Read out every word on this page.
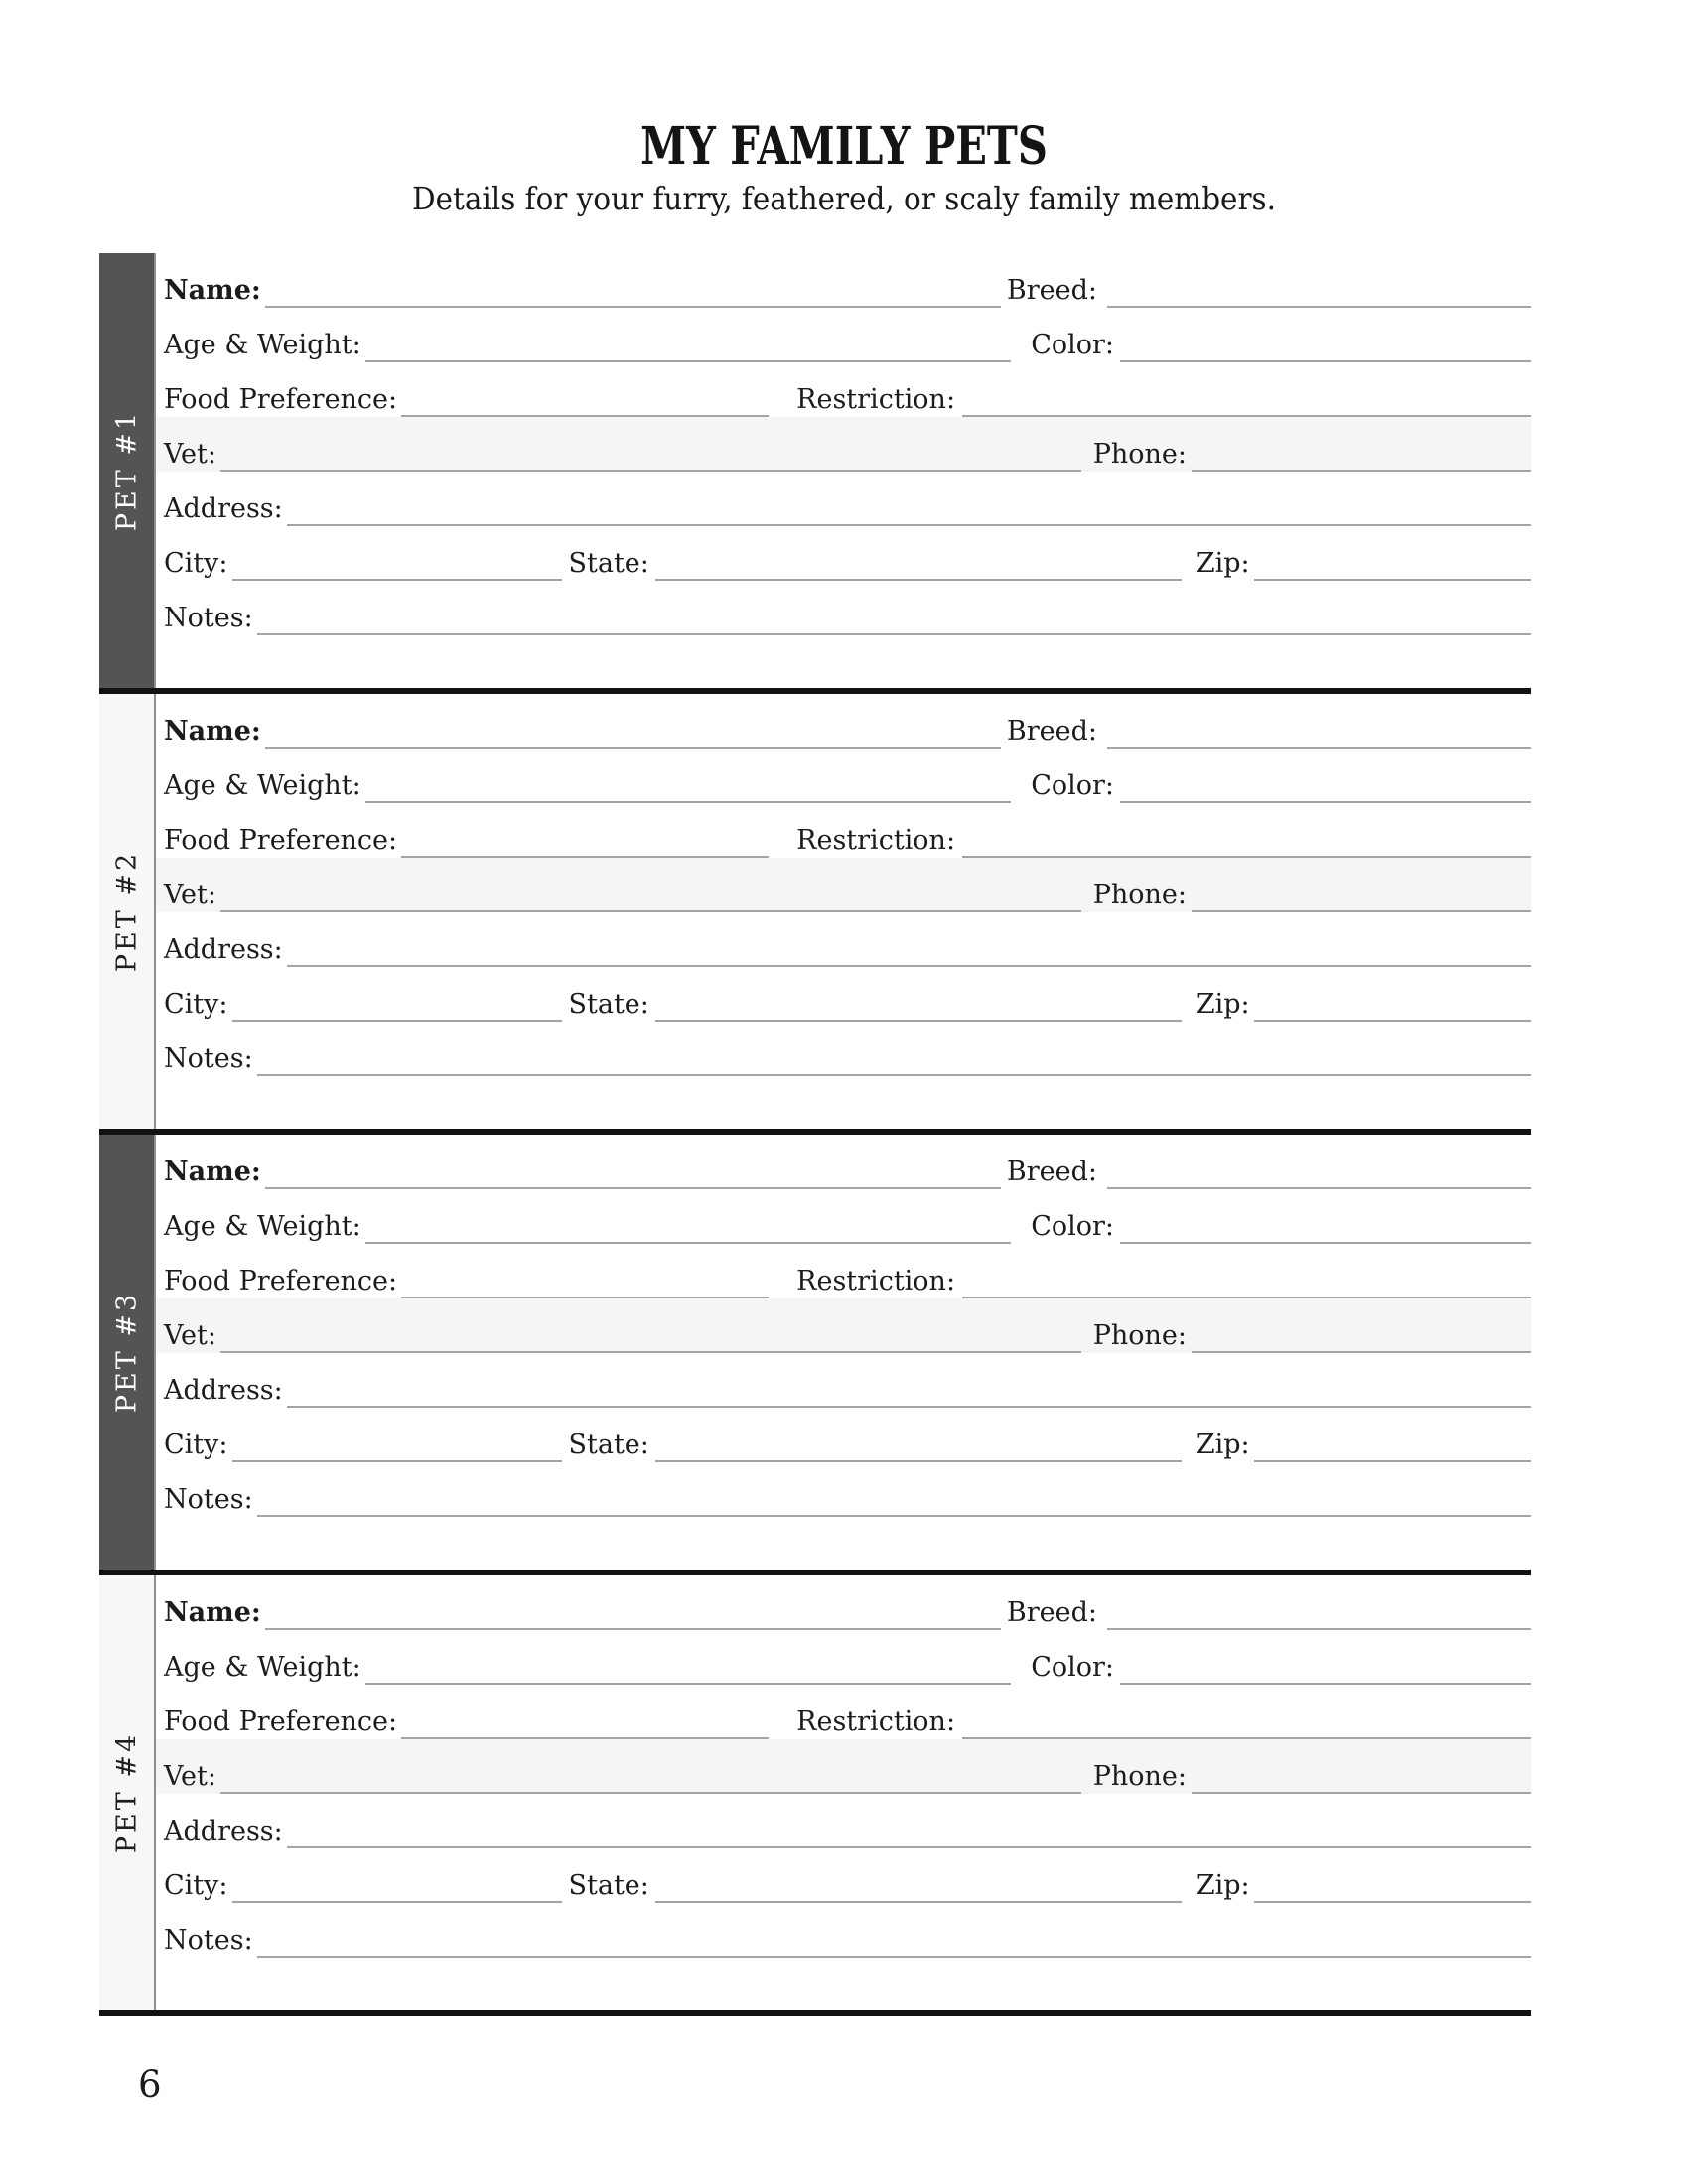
MY FAMILY PETS
Details for your furry, feathered, or scaly family members.
PET #1
Name:	Breed:
Age & Weight:	Color:
Food Preference:	Restriction:
Vet:	Phone:
Address:
City:	State:	Zip:
Notes:
PET #2
Name:	Breed:
Age & Weight:	Color:
Food Preference:	Restriction:
Vet:	Phone:
Address:
City:	State:	Zip:
Notes:
PET #3
Name:	Breed:
Age & Weight:	Color:
Food Preference:	Restriction:
Vet:	Phone:
Address:
City:	State:	Zip:
Notes:
PET #4
Name:	Breed:
Age & Weight:	Color:
Food Preference:	Restriction:
Vet:	Phone:
Address:
City:	State:	Zip:
Notes:
6
